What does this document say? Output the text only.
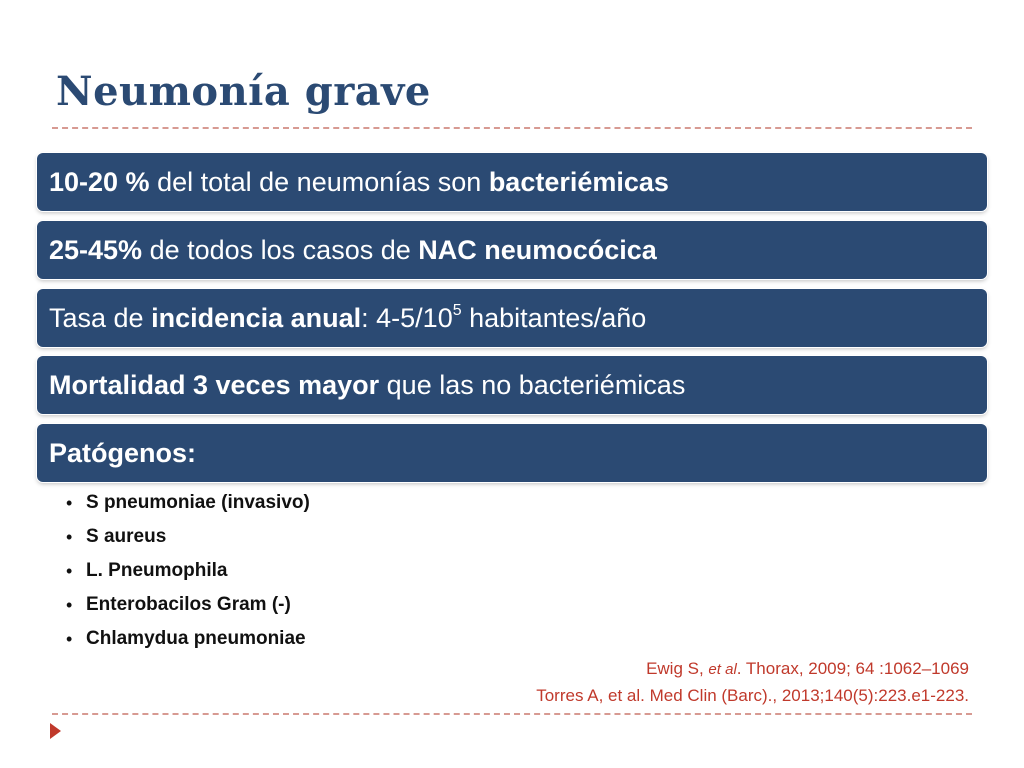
Neumonía grave
10-20 % del total de neumonías son bacteriémicas
25-45% de todos los casos de NAC neumocócica
Tasa de incidencia anual: $4-5/10^5$ habitantes/año
Mortalidad 3 veces mayor que las no bacteriémicas
Patógenos:
• S pneumoniae (invasivo)
• S aureus
• L. Pneumophila
• Enterobacilos Gram (-)
• Chlamydua pneumoniae
Ewig S, et al. Thorax, 2009; 64 :1062–1069
Torres A, et al. Med Clin (Barc)., 2013;140(5):223.e1-223.
